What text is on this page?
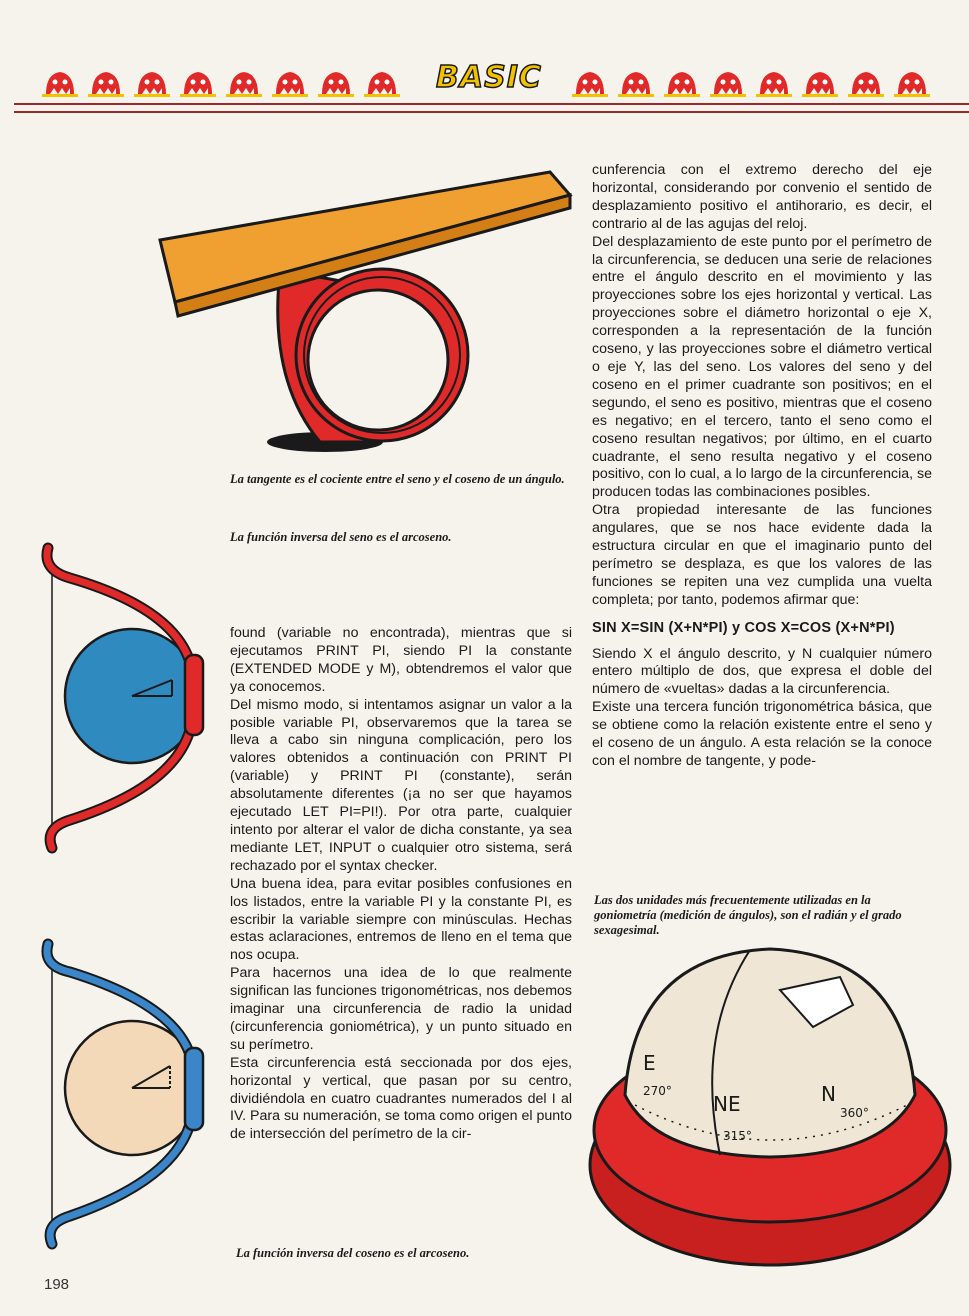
BASIC
La tangente es el cociente entre el seno y el coseno de un ángulo.
La función inversa del seno es el arcoseno.
La función inversa del coseno es el arcoseno.

found (variable no encontrada), mientras que si ejecutamos PRINT PI, siendo PI la constante (EXTENDED MODE y M), obtendremos el valor que ya conocemos.

Del mismo modo, si intentamos asignar un valor a la posible variable PI, observaremos que la tarea se lleva a cabo sin ninguna complicación, pero los valores obtenidos a continuación con PRINT PI (variable) y PRINT PI (constante), serán absolutamente diferentes (¡a no ser que hayamos ejecutado LET PI=PI!). Por otra parte, cualquier intento por alterar el valor de dicha constante, ya sea mediante LET, INPUT o cualquier otro sistema, será rechazado por el syntax checker.

Una buena idea, para evitar posibles confusiones en los listados, entre la variable PI y la constante PI, es escribir la variable siempre con minúsculas. Hechas estas aclaraciones, entremos de lleno en el tema que nos ocupa.

Para hacernos una idea de lo que realmente significan las funciones trigonométricas, nos debemos imaginar una circunferencia de radio la unidad (circunferencia goniométrica), y un punto situado en su perímetro.

Esta circunferencia está seccionada por dos ejes, horizontal y vertical, que pasan por su centro, dividiéndola en cuatro cuadrantes numerados del I al IV. Para su numeración, se toma como origen el punto de intersección del perímetro de la cir-

cunferencia con el extremo derecho del eje horizontal, considerando por convenio el sentido de desplazamiento positivo el antihorario, es decir, el contrario al de las agujas del reloj.

Del desplazamiento de este punto por el perímetro de la circunferencia, se deducen una serie de relaciones entre el ángulo descrito en el movimiento y las proyecciones sobre los ejes horizontal y vertical. Las proyecciones sobre el diámetro horizontal o eje X, corresponden a la representación de la función coseno, y las proyecciones sobre el diámetro vertical o eje Y, las del seno. Los valores del seno y del coseno en el primer cuadrante son positivos; en el segundo, el seno es positivo, mientras que el coseno es negativo; en el tercero, tanto el seno como el coseno resultan negativos; por último, en el cuarto cuadrante, el seno resulta negativo y el coseno positivo, con lo cual, a lo largo de la circunferencia, se producen todas las combinaciones posibles.

Otra propiedad interesante de las funciones angulares, que se nos hace evidente dada la estructura circular en que el imaginario punto del perímetro se desplaza, es que los valores de las funciones se repiten una vez cumplida una vuelta completa; por tanto, podemos afirmar que:

SIN X=SIN (X+N*PI) y COS X=COS (X+N*PI)

Siendo X el ángulo descrito, y N cualquier número entero múltiplo de dos, que expresa el doble del número de «vueltas» dadas a la circunferencia.

Existe una tercera función trigonométrica básica, que se obtiene como la relación existente entre el seno y el coseno de un ángulo. A esta relación se la conoce con el nombre de tangente, y pode-

Las dos unidades más frecuentemente utilizadas en la goniometría (medición de ángulos), son el radián y el grado sexagesimal.
E
NE	N
270°
315°
360°
198
